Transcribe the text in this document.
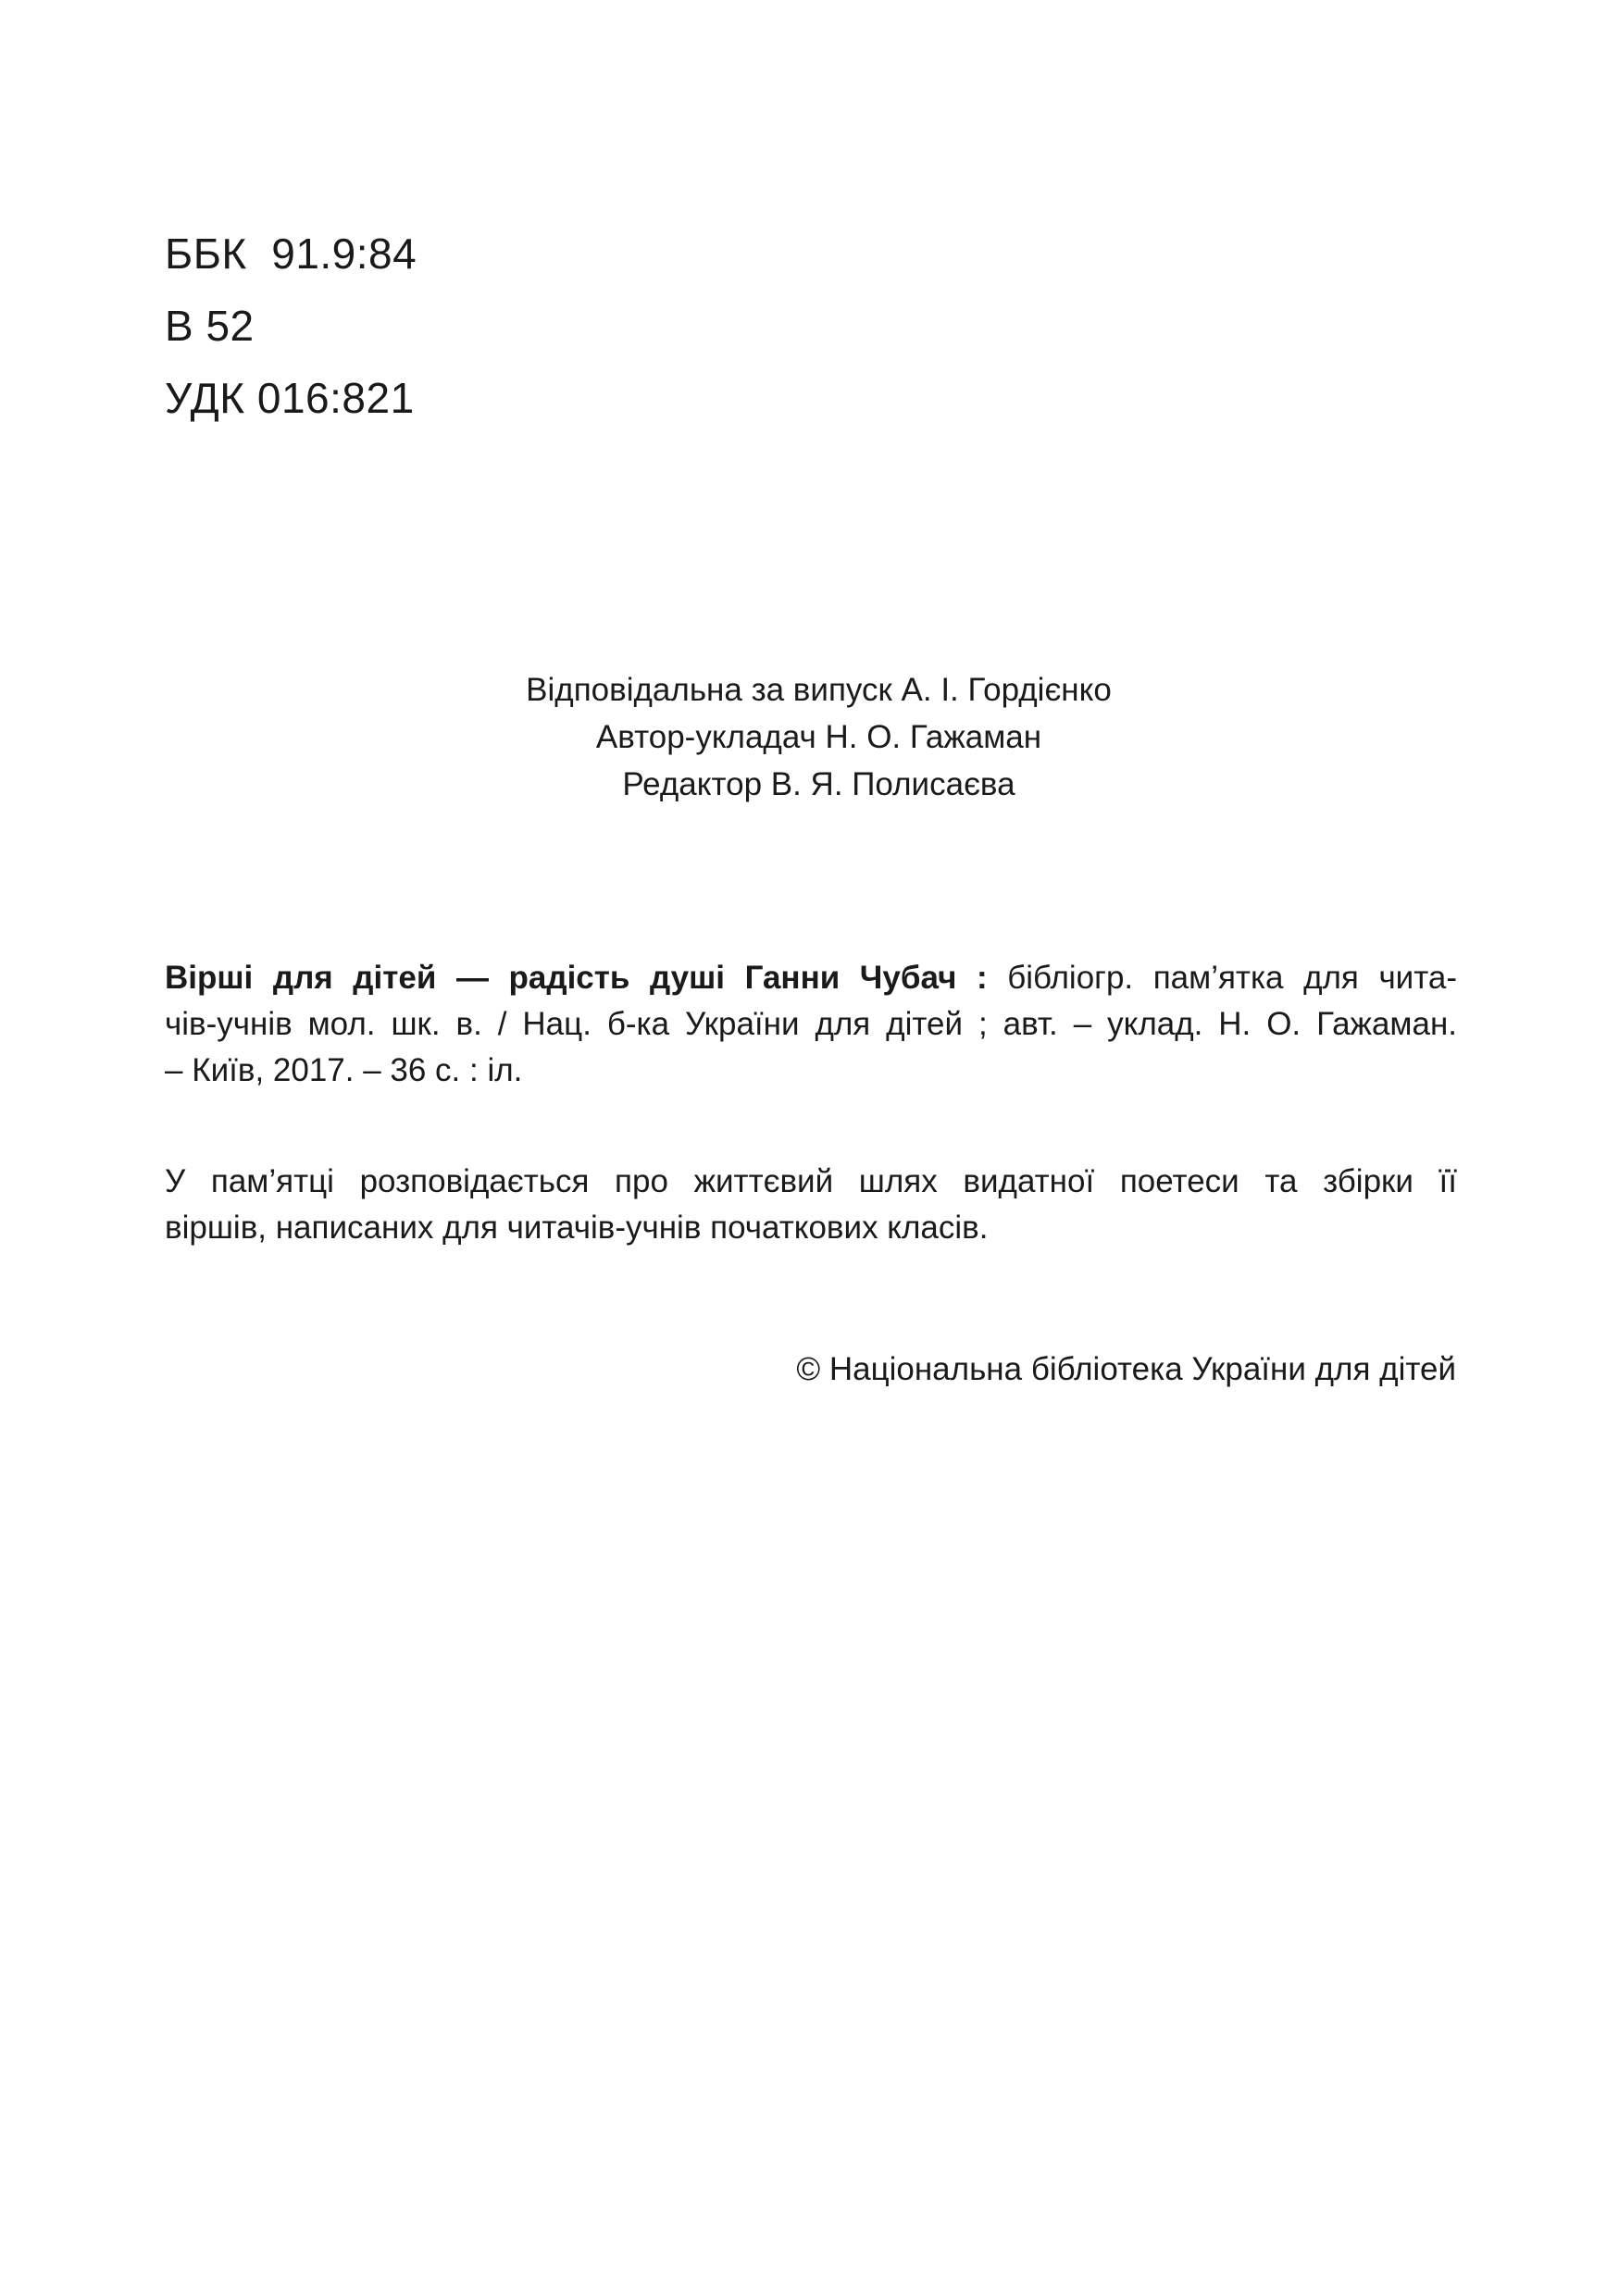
ББК  91.9:84
В 52
УДК 016:821
Відповідальна за випуск А. І. Гордієнко
Автор-укладач Н. О. Гажаман
Редактор В. Я. Полисаєва
Вірші для дітей — радість душі Ганни Чубач : бібліогр. пам’ятка для чита-
чів-учнів мол. шк. в. / Нац. б-ка України для дітей ; авт. – уклад. Н. О. Гажаман.
– Київ, 2017. – 36 с. : іл.
У пам’ятці розповідається про життєвий шлях видатної поетеси та збірки її
віршів, написаних для читачів-учнів початкових класів.
© Національна бібліотека України для дітей
